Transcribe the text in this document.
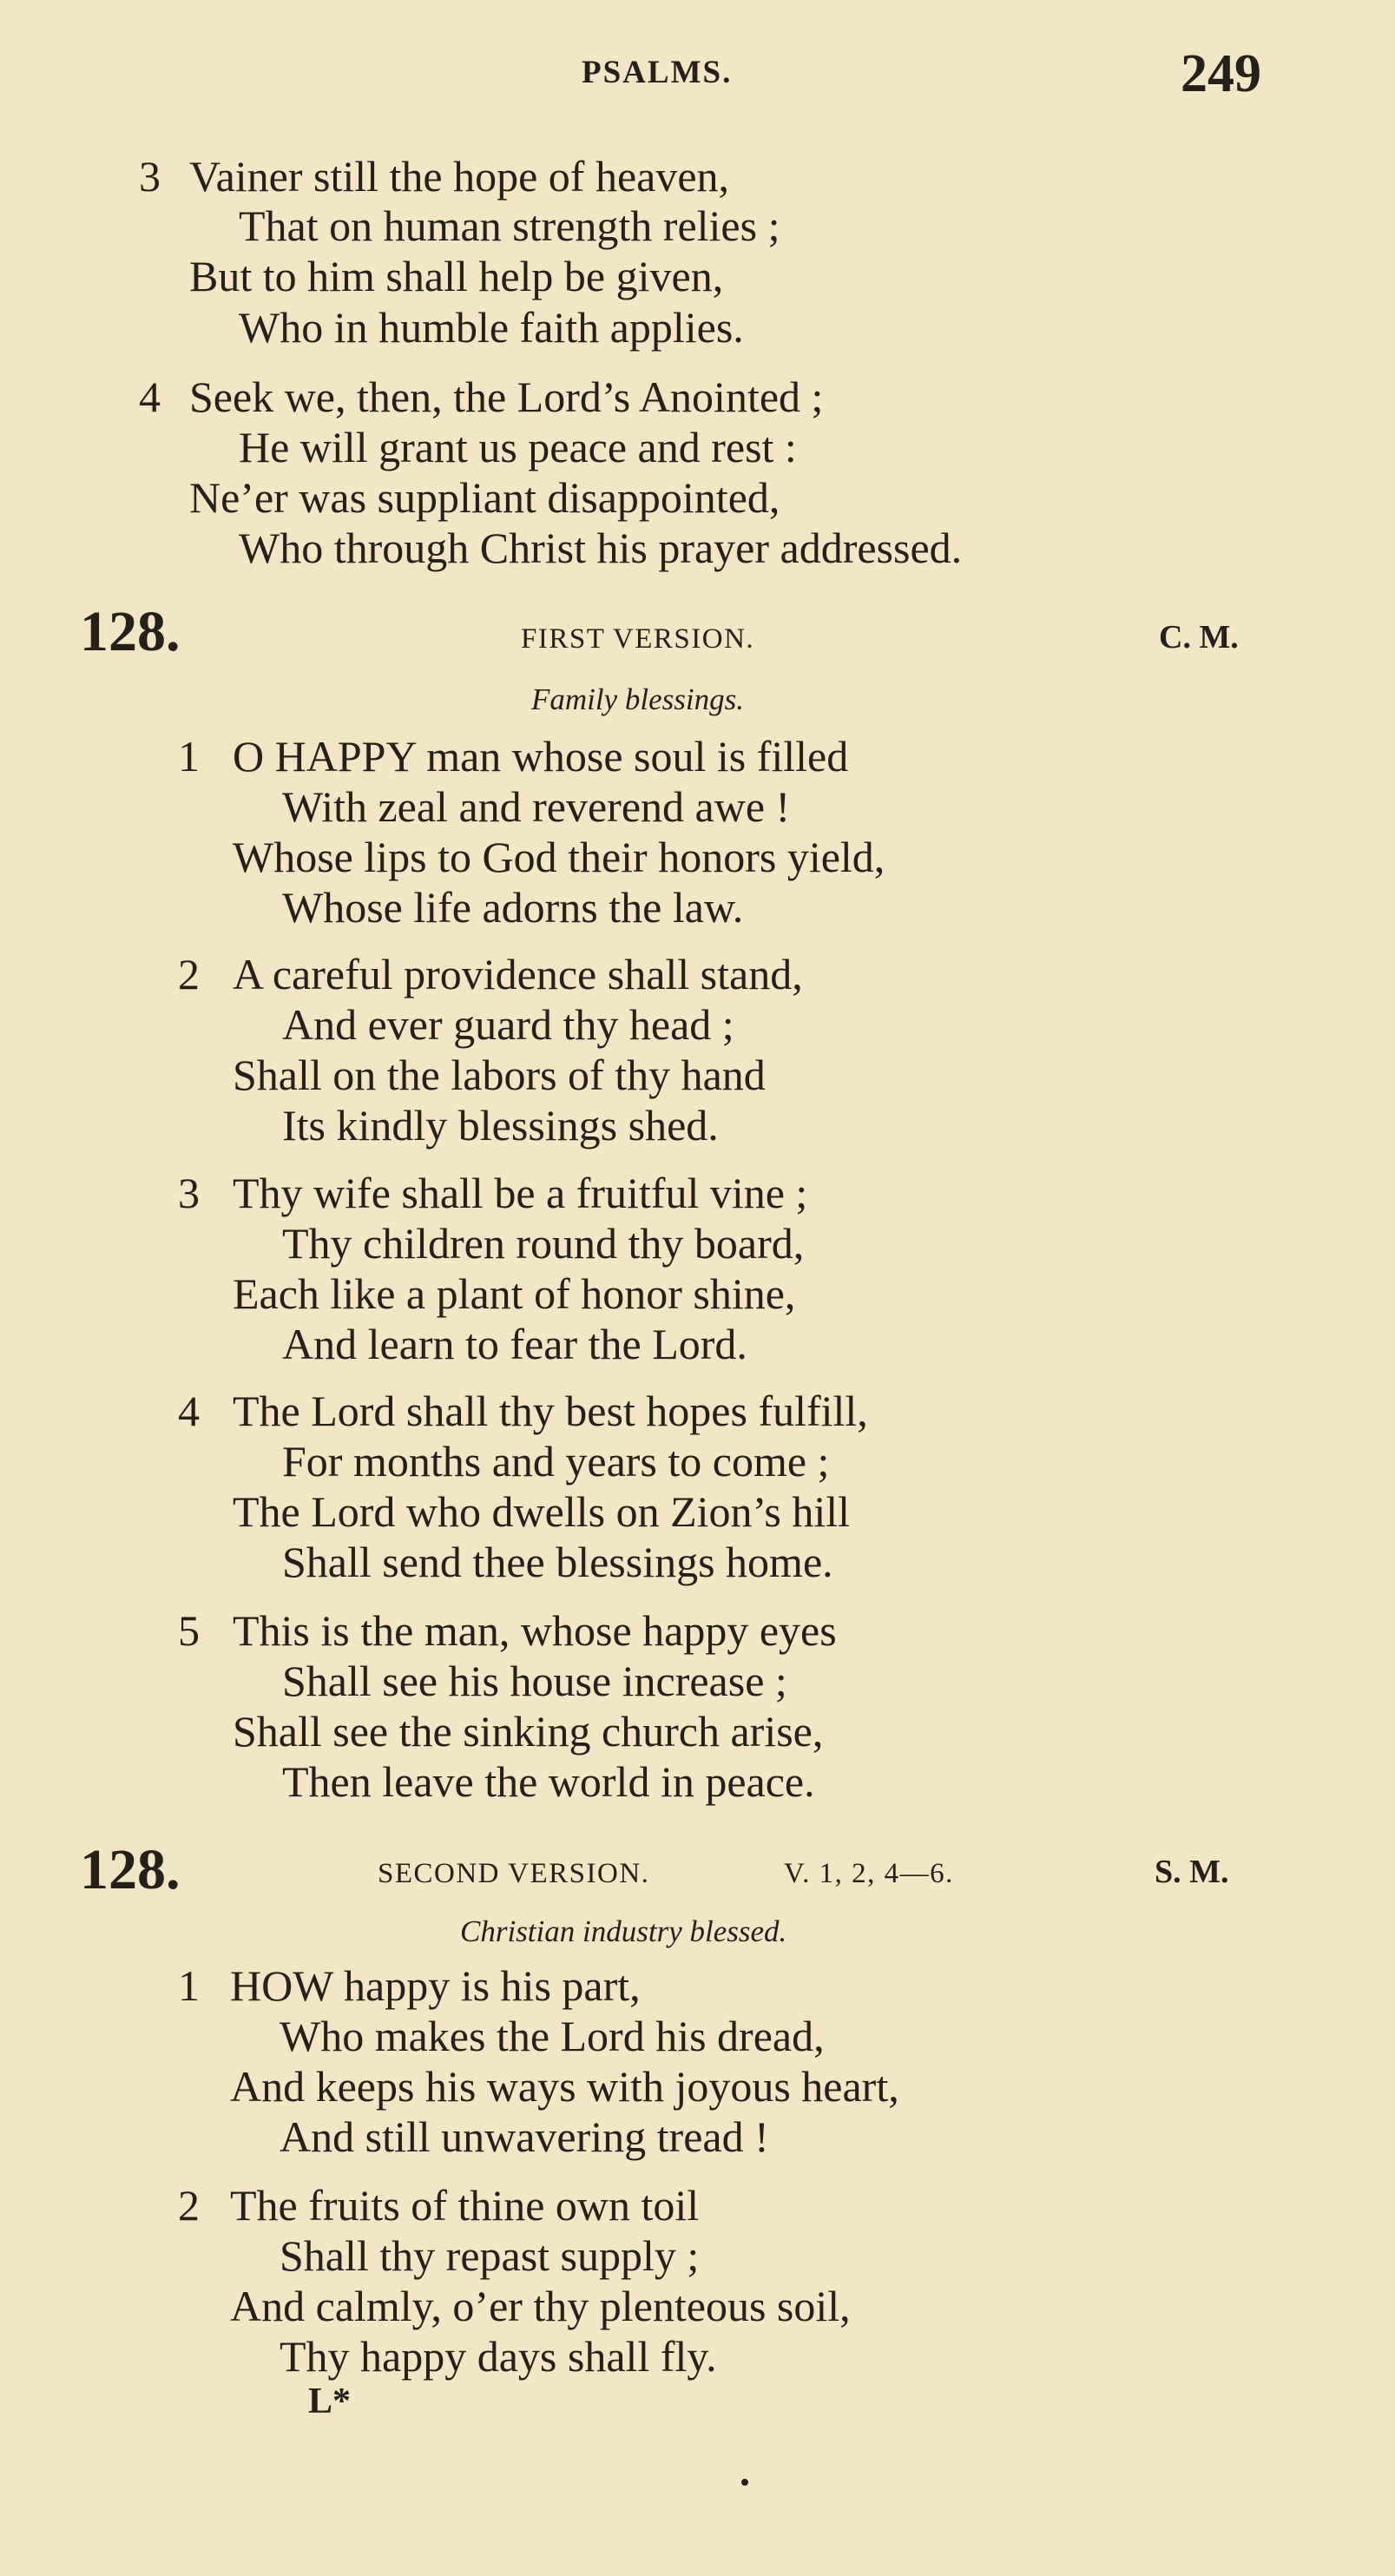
PSALMS.	249
3 Vainer still the hope of heaven,
That on human strength relies ;
But to him shall help be given,
Who in humble faith applies.
4 Seek we, then, the Lord’s Anointed ;
He will grant us peace and rest :
Ne’er was suppliant disappointed,
Who through Christ his prayer addressed.
128.	FIRST VERSION.	C. M.
Family blessings.
1 O HAPPY man whose soul is filled
With zeal and reverend awe !
Whose lips to God their honors yield,
Whose life adorns the law.
2 A careful providence shall stand,
And ever guard thy head ;
Shall on the labors of thy hand
Its kindly blessings shed.
3 Thy wife shall be a fruitful vine ;
Thy children round thy board,
Each like a plant of honor shine,
And learn to fear the Lord.
4 The Lord shall thy best hopes fulfill,
For months and years to come ;
The Lord who dwells on Zion’s hill
Shall send thee blessings home.
5 This is the man, whose happy eyes
Shall see his house increase ;
Shall see the sinking church arise,
Then leave the world in peace.
128.	SECOND VERSION.	V. 1, 2, 4—6.	S. M.
Christian industry blessed.
1 HOW happy is his part,
Who makes the Lord his dread,
And keeps his ways with joyous heart,
And still unwavering tread !
2 The fruits of thine own toil
Shall thy repast supply ;
And calmly, o’er thy plenteous soil,
Thy happy days shall fly.
L*
